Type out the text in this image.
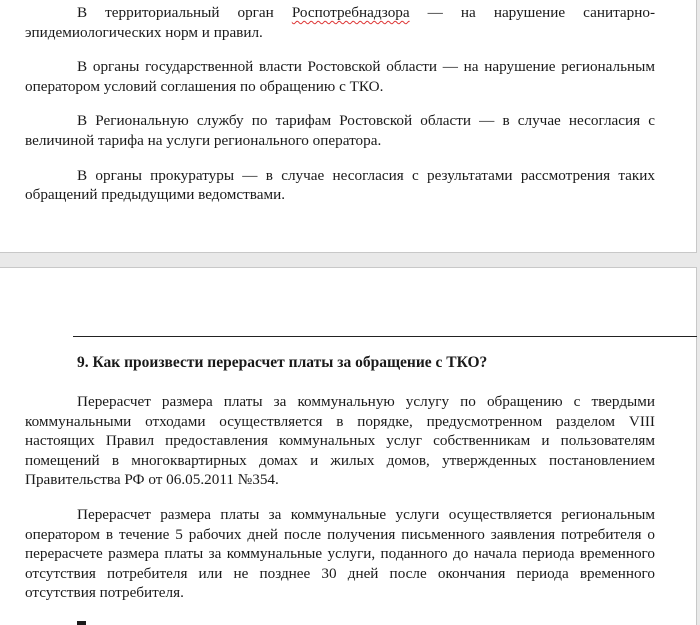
В территориальный орган Роспотребнадзора — на нарушение санитарно-эпидемиологических норм и правил.

В органы государственной власти Ростовской области — на нарушение региональным оператором условий соглашения по обращению с ТКО.

В Региональную службу по тарифам Ростовской области — в случае несогласия с величиной тарифа на услуги регионального оператора.

В органы прокуратуры — в случае несогласия с результатами рассмотрения таких обращений предыдущими ведомствами.

9. Как произвести перерасчет платы за обращение с ТКО?

Перерасчет размера платы за коммунальную услугу по обращению с твердыми коммунальными отходами осуществляется в порядке, предусмотренном разделом VIII настоящих Правил предоставления коммунальных услуг собственникам и пользователям помещений в многоквартирных домах и жилых домов, утвержденных постановлением Правительства РФ от 06.05.2011 №354.

Перерасчет размера платы за коммунальные услуги осуществляется региональным оператором в течение 5 рабочих дней после получения письменного заявления потребителя о перерасчете размера платы за коммунальные услуги, поданного до начала периода временного отсутствия потребителя или не позднее 30 дней после окончания периода временного отсутствия потребителя.
